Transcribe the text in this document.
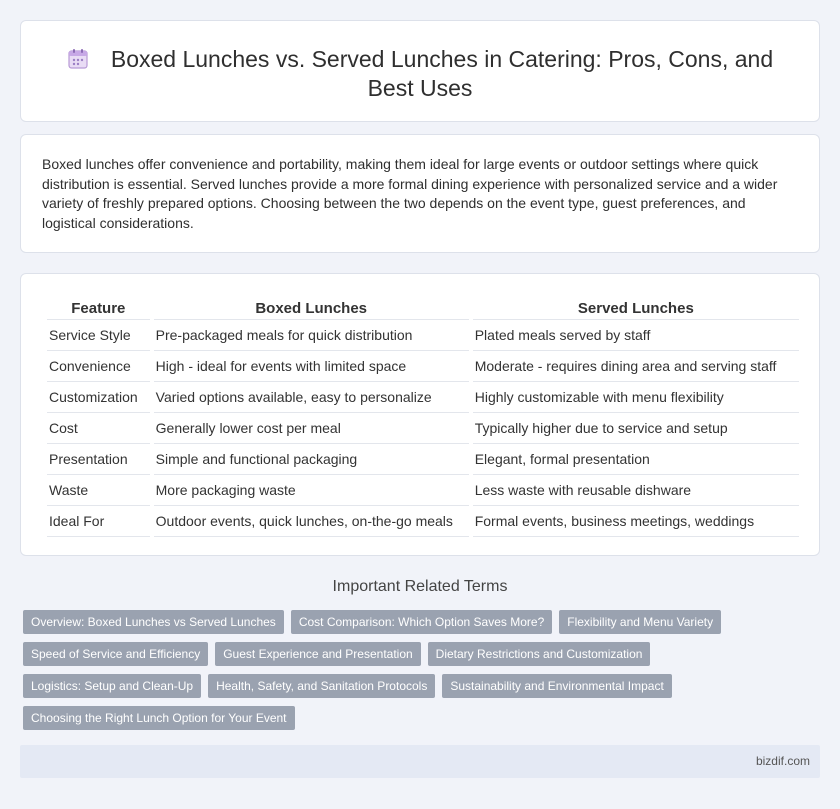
Boxed Lunches vs. Served Lunches in Catering: Pros, Cons, and Best Uses

Boxed lunches offer convenience and portability, making them ideal for large events or outdoor settings where quick distribution is essential. Served lunches provide a more formal dining experience with personalized service and a wider variety of freshly prepared options. Choosing between the two depends on the event type, guest preferences, and logistical considerations.

Feature	Boxed Lunches	Served Lunches
Service Style	Pre-packaged meals for quick distribution	Plated meals served by staff
Convenience	High - ideal for events with limited space	Moderate - requires dining area and serving staff
Customization	Varied options available, easy to personalize	Highly customizable with menu flexibility
Cost	Generally lower cost per meal	Typically higher due to service and setup
Presentation	Simple and functional packaging	Elegant, formal presentation
Waste	More packaging waste	Less waste with reusable dishware
Ideal For	Outdoor events, quick lunches, on-the-go meals	Formal events, business meetings, weddings
Important Related Terms
Overview: Boxed Lunches vs Served Lunches	Cost Comparison: Which Option Saves More?	Flexibility and Menu Variety
Speed of Service and Efficiency	Guest Experience and Presentation	Dietary Restrictions and Customization
Logistics: Setup and Clean-Up	Health, Safety, and Sanitation Protocols	Sustainability and Environmental Impact
Choosing the Right Lunch Option for Your Event
bizdif.com
